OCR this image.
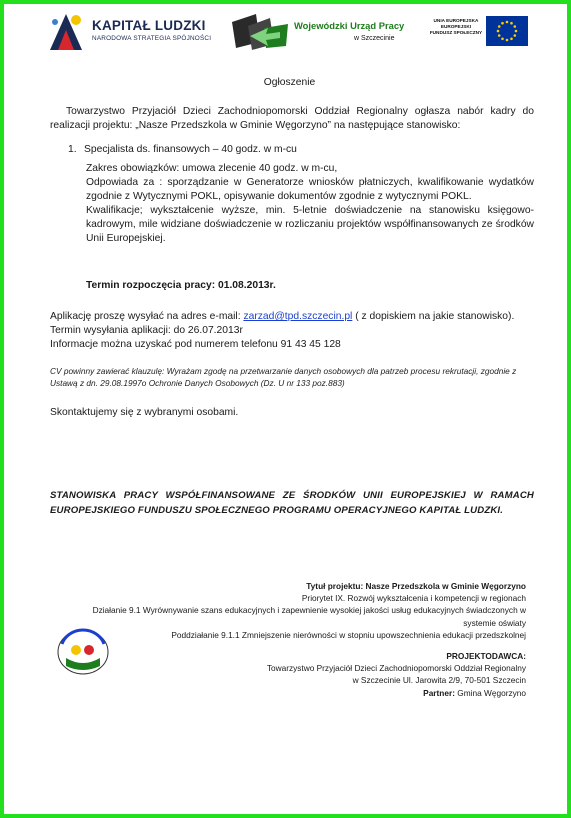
KAPITAŁ LUDZKI
NARODOWA STRATEGIA SPÓJNOŚCI
Wojewódzki Urząd Pracy
w Szczecinie
UNIA EUROPEJSKA
EUROPEJSKI
FUNDUSZ SPOŁECZNY
Ogłoszenie
Towarzystwo Przyjaciół Dzieci Zachodniopomorski Oddział Regionalny ogłasza nabór kadry do realizacji projektu: „Nasze Przedszkola w Gminie Węgorzyno” na następujące stanowisko:
1. Specjalista ds. finansowych – 40 godz. w m-cu

Zakres obowiązków: umowa zlecenie 40 godz. w m-cu,

Odpowiada za : sporządzanie w Generatorze wniosków płatniczych, kwalifikowanie wydatków zgodnie z Wytycznymi POKL, opisywanie dokumentów zgodnie z wytycznymi POKL.

Kwalifikacje; wykształcenie wyższe, min. 5-letnie doświadczenie na stanowisku księgowo-kadrowym, mile widziane doświadczenie w rozliczaniu projektów współfinansowanych ze środków Unii Europejskiej.

Termin rozpoczęcia pracy: 01.08.2013r.

Aplikację proszę wysyłać na adres e-mail: zarzad@tpd.szczecin.pl ( z dopiskiem na jakie stanowisko). Termin wysyłania aplikacji: do 26.07.2013r

Informacje można uzyskać pod numerem telefonu 91 43 45 128

CV powinny zawierać klauzulę: Wyrażam zgodę na przetwarzanie danych osobowych dla patrzeb procesu rekrutacji, zgodnie z Ustawą z dn. 29.08.1997o Ochronie Danych Osobowych (Dz. U nr 133 poz.883)
Skontaktujemy się z wybranymi osobami.
STANOWISKA PRACY WSPÓŁFINANSOWANE ZE ŚRODKÓW UNII EUROPEJSKIEJ W RAMACH EUROPEJSKIEGO FUNDUSZU SPOŁECZNEGO PROGRAMU OPERACYJNEGO KAPITAŁ LUDZKI.

Tytuł projektu: Nasze Przedszkola w Gminie Węgorzyno

Priorytet IX. Rozwój wykształcenia i kompetencji w regionach

Działanie 9.1 Wyrównywanie szans edukacyjnych i zapewnienie wysokiej jakości usług edukacyjnych świadczonych w

systemie oświaty

Poddziałanie 9.1.1 Zmniejszenie nierówności w stopniu upowszechnienia edukacji przedszkolnej

PROJEKTODAWCA:

Towarzystwo Przyjaciół Dzieci Zachodniopomorski Oddział Regionalny

w Szczecinie Ul. Jarowita 2/9, 70-501 Szczecin

Partner: Gmina Węgorzyno
